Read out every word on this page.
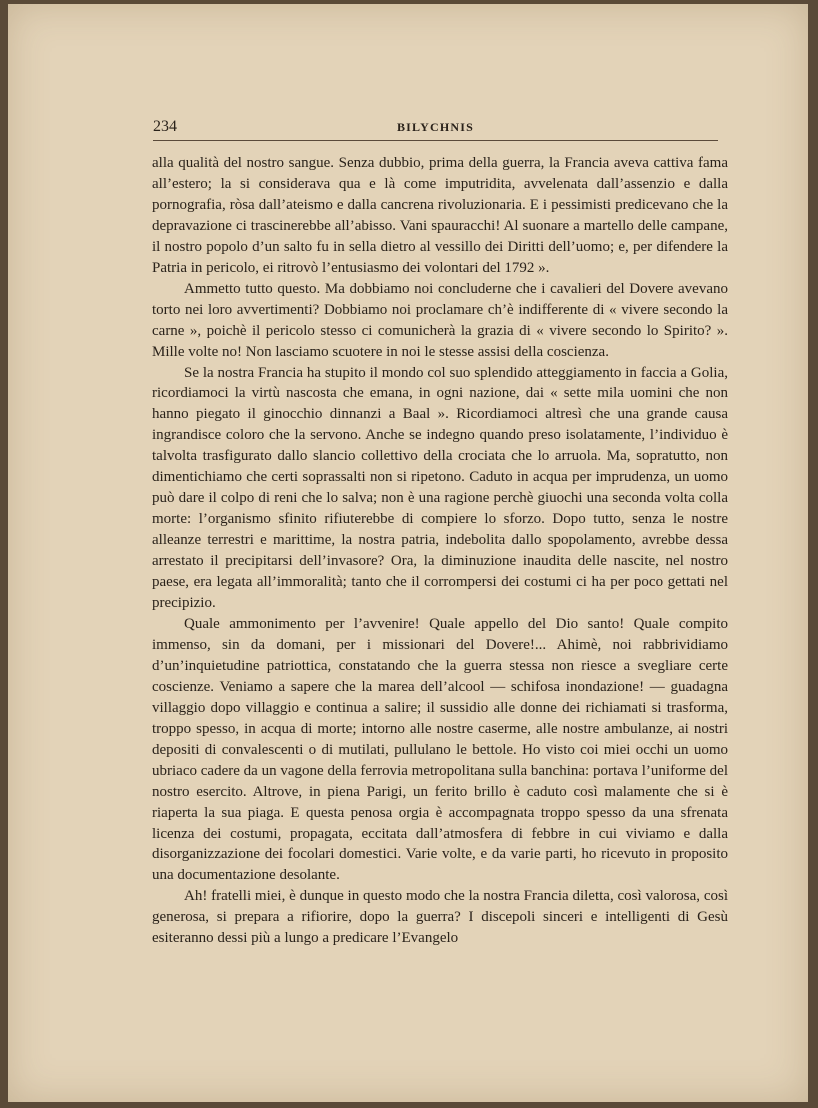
234	BILYCHNIS

alla qualità del nostro sangue. Senza dubbio, prima della guerra, la Francia aveva cattiva fama all’estero; la si considerava qua e là come imputridita, avvelenata dall’assenzio e dalla pornografia, ròsa dall’ateismo e dalla cancrena rivoluzionaria. E i pessimisti predicevano che la depravazione ci trascinerebbe all’abisso. Vani spauracchi! Al suonare a martello delle campane, il nostro popolo d’un salto fu in sella dietro al vessillo dei Diritti dell’uomo; e, per difendere la Patria in pericolo, ei ritrovò l’entusiasmo dei volontari del 1792 ».

Ammetto tutto questo. Ma dobbiamo noi concluderne che i cavalieri del Dovere avevano torto nei loro avvertimenti? Dobbiamo noi proclamare ch’è indifferente di « vivere secondo la carne », poichè il pericolo stesso ci comunicherà la grazia di « vivere secondo lo Spirito? ». Mille volte no! Non lasciamo scuotere in noi le stesse assisi della coscienza.

Se la nostra Francia ha stupito il mondo col suo splendido atteggiamento in faccia a Golia, ricordiamoci la virtù nascosta che emana, in ogni nazione, dai « sette mila uomini che non hanno piegato il ginocchio dinnanzi a Baal ». Ricordiamoci altresì che una grande causa ingrandisce coloro che la servono. Anche se indegno quando preso isolatamente, l’individuo è talvolta trasfigurato dallo slancio collettivo della crociata che lo arruola. Ma, sopratutto, non dimentichiamo che certi soprassalti non si ripetono. Caduto in acqua per imprudenza, un uomo può dare il colpo di reni che lo salva; non è una ragione perchè giuochi una seconda volta colla morte: l’organismo sfinito rifiuterebbe di compiere lo sforzo. Dopo tutto, senza le nostre alleanze terrestri e marittime, la nostra patria, indebolita dallo spopolamento, avrebbe dessa arrestato il precipitarsi dell’invasore? Ora, la diminuzione inaudita delle nascite, nel nostro paese, era legata all’immoralità; tanto che il corrompersi dei costumi ci ha per poco gettati nel precipizio.

Quale ammonimento per l’avvenire! Quale appello del Dio santo! Quale compito immenso, sin da domani, per i missionari del Dovere!... Ahimè, noi rabbrividiamo d’un’inquietudine patriottica, constatando che la guerra stessa non riesce a svegliare certe coscienze. Veniamo a sapere che la marea dell’alcool — schifosa inondazione! — guadagna villaggio dopo villaggio e continua a salire; il sussidio alle donne dei richiamati si trasforma, troppo spesso, in acqua di morte; intorno alle nostre caserme, alle nostre ambulanze, ai nostri depositi di convalescenti o di mutilati, pullulano le bettole. Ho visto coi miei occhi un uomo ubriaco cadere da un vagone della ferrovia metropolitana sulla banchina: portava l’uniforme del nostro esercito. Altrove, in piena Parigi, un ferito brillo è caduto così malamente che si è riaperta la sua piaga. E questa penosa orgia è accompagnata troppo spesso da una sfrenata licenza dei costumi, propagata, eccitata dall’atmosfera di febbre in cui viviamo e dalla disorganizzazione dei focolari domestici. Varie volte, e da varie parti, ho ricevuto in proposito una documentazione desolante.

Ah! fratelli miei, è dunque in questo modo che la nostra Francia diletta, così valorosa, così generosa, si prepara a rifiorire, dopo la guerra? I discepoli sinceri e intelligenti di Gesù esiteranno dessi più a lungo a predicare l’Evangelo
